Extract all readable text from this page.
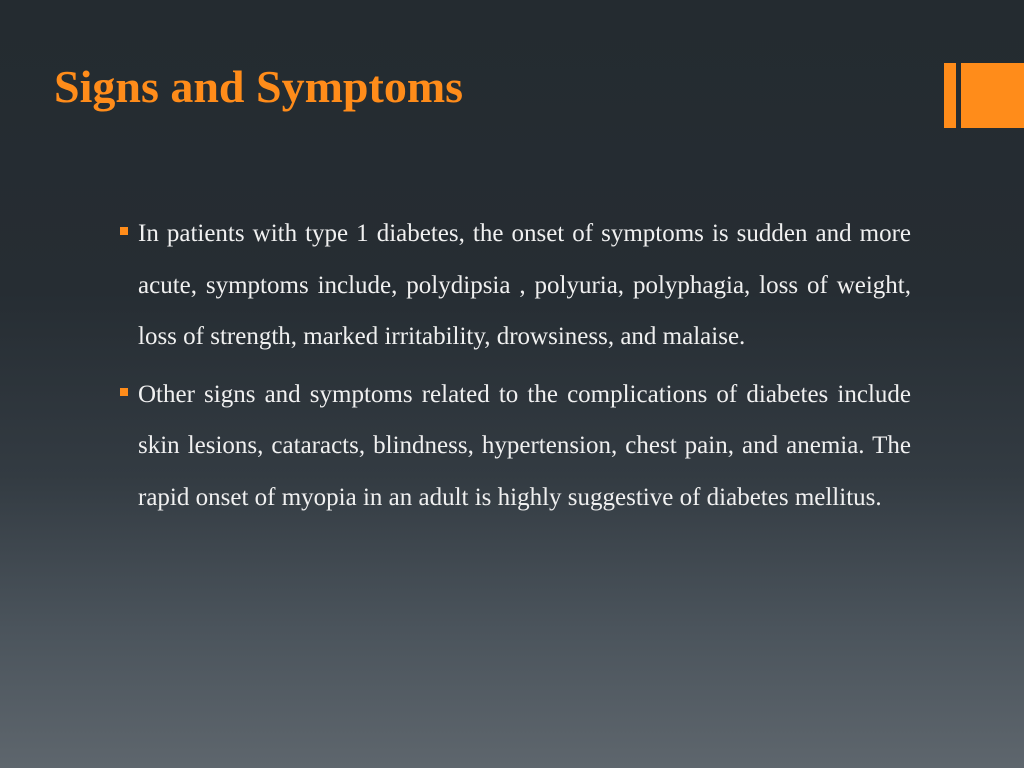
Signs and Symptoms
In patients with type 1 diabetes, the onset of symptoms is sudden and more acute, symptoms include, polydipsia , polyuria, polyphagia, loss of weight, loss of strength, marked irritability, drowsiness, and malaise.
Other signs and symptoms related to the complications of diabetes include skin lesions, cataracts, blindness, hypertension, chest pain, and anemia. The rapid onset of myopia in an adult is highly suggestive of diabetes mellitus.
